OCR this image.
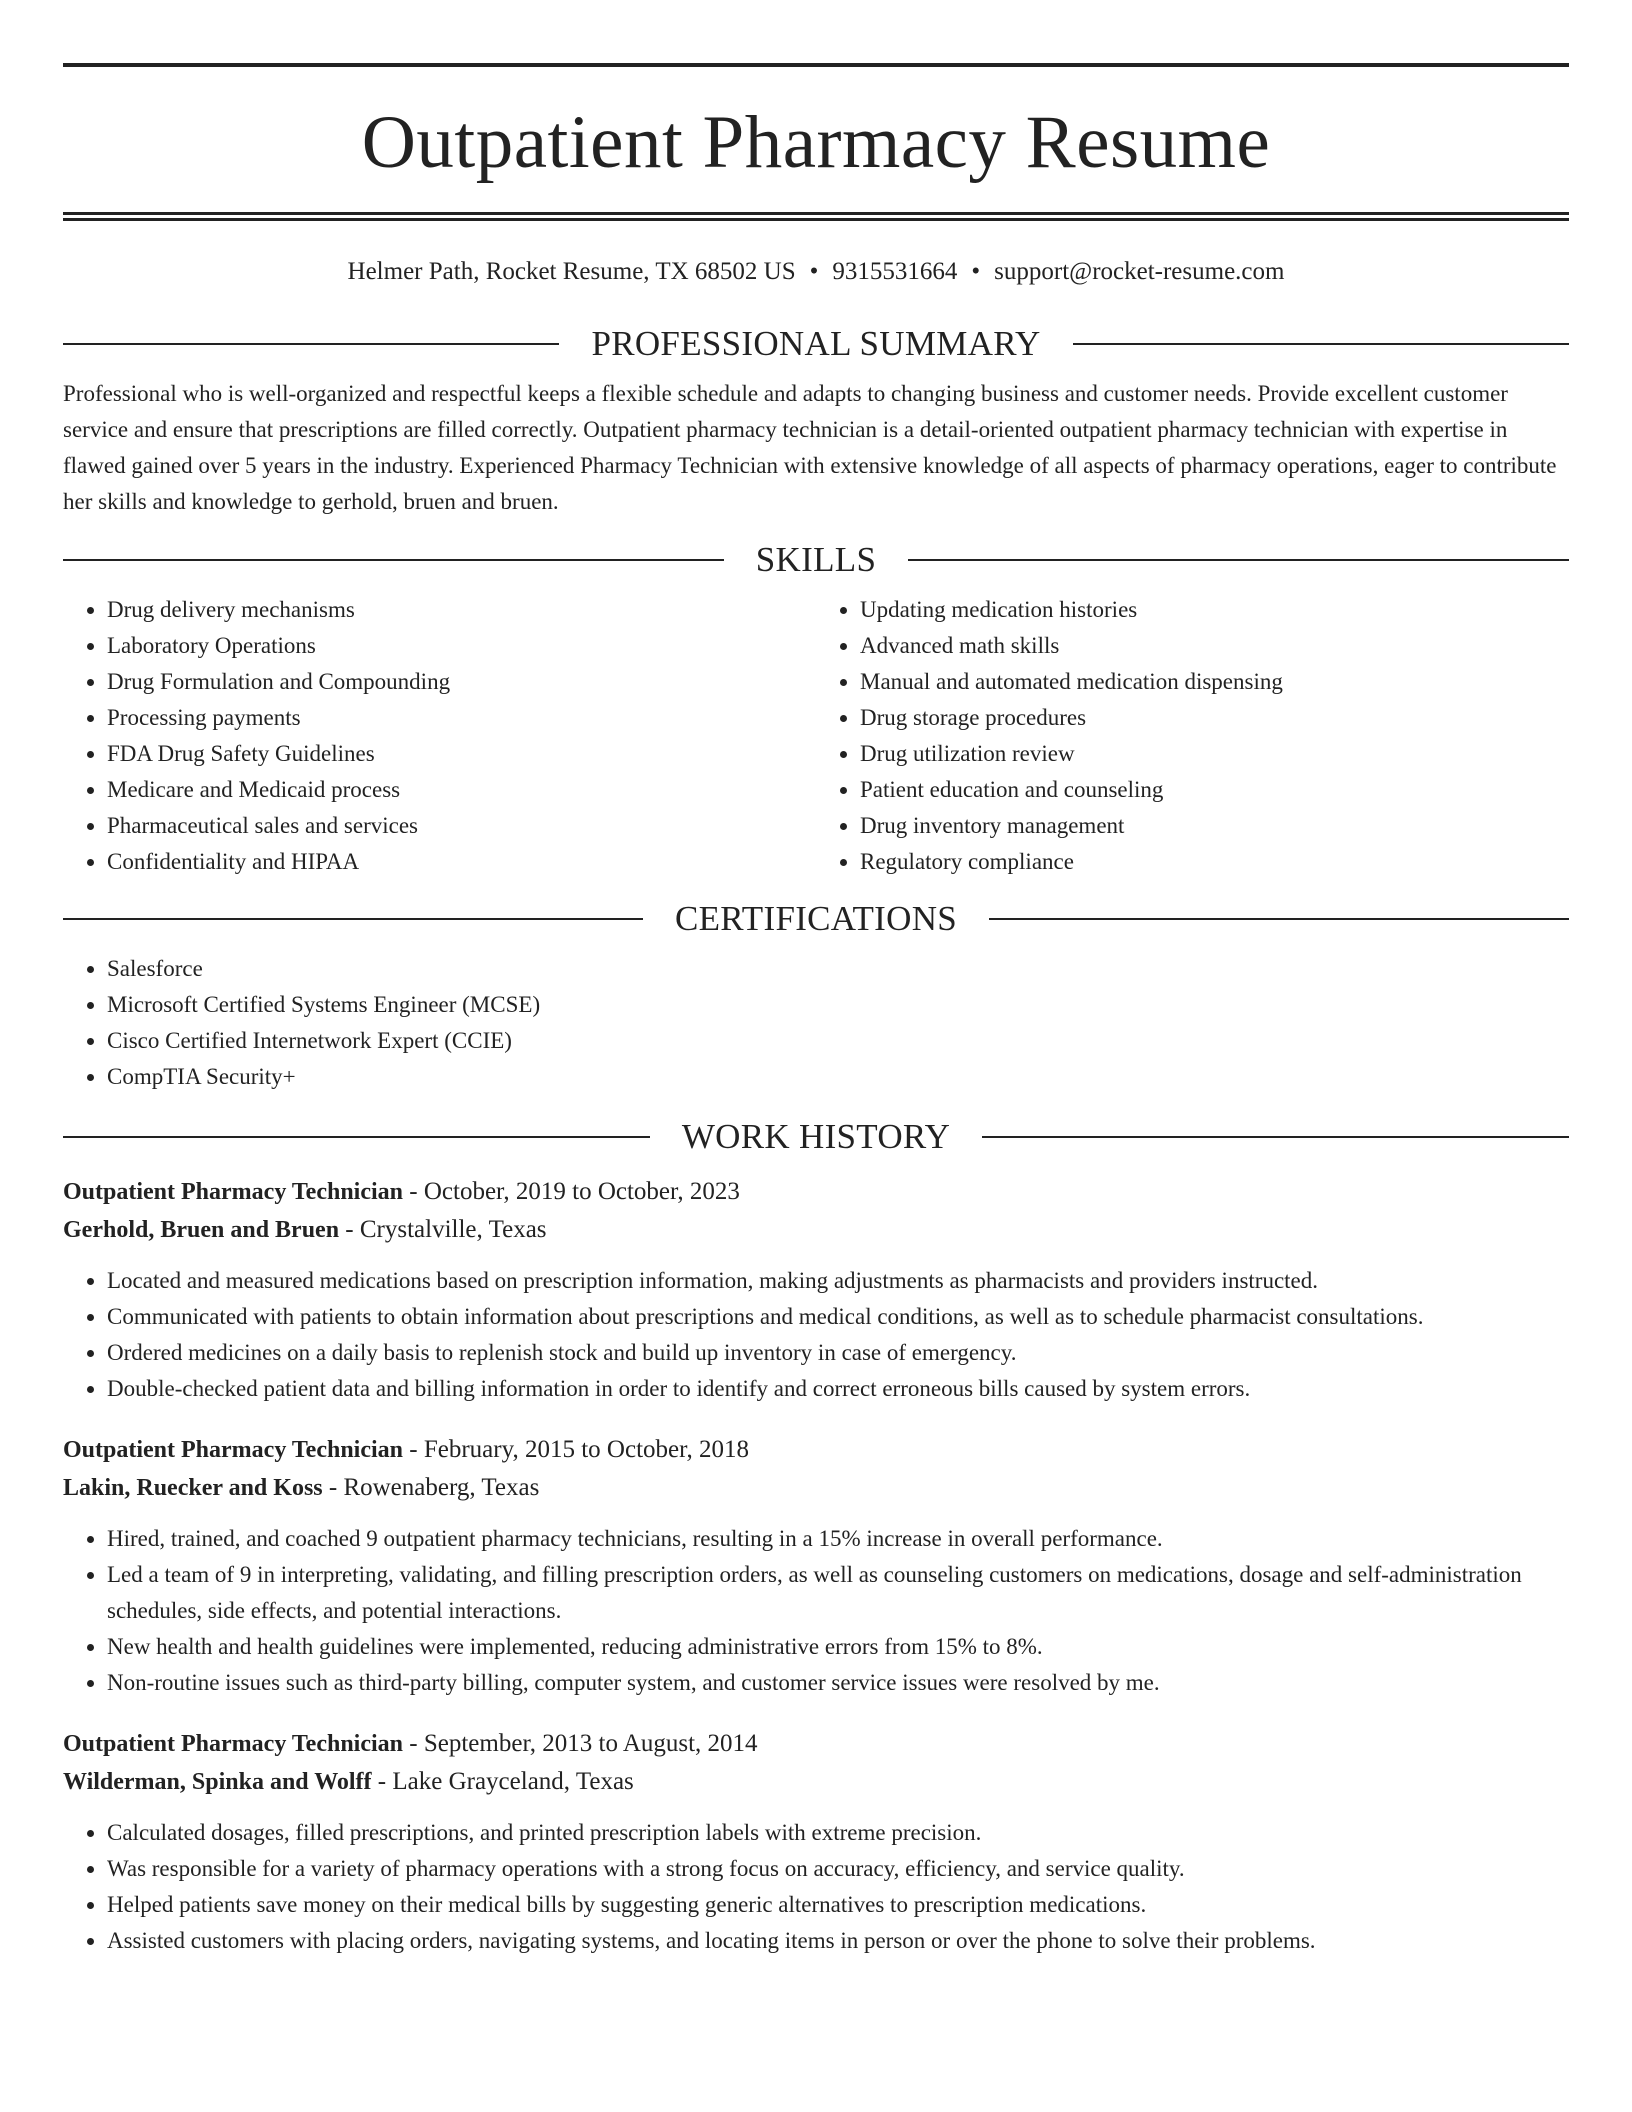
Outpatient Pharmacy Resume
Helmer Path, Rocket Resume, TX 68502 US • 9315531664 • support@rocket-resume.com
PROFESSIONAL SUMMARY

Professional who is well-organized and respectful keeps a flexible schedule and adapts to changing business and customer needs. Provide excellent customer service and ensure that prescriptions are filled correctly. Outpatient pharmacy technician is a detail-oriented outpatient pharmacy technician with expertise in flawed gained over 5 years in the industry. Experienced Pharmacy Technician with extensive knowledge of all aspects of pharmacy operations, eager to contribute her skills and knowledge to gerhold, bruen and bruen.

SKILLS
• Drug delivery mechanisms
• Laboratory Operations
• Drug Formulation and Compounding
• Processing payments
• FDA Drug Safety Guidelines
• Medicare and Medicaid process
• Pharmaceutical sales and services
• Confidentiality and HIPAA
• Updating medication histories
• Advanced math skills
• Manual and automated medication dispensing
• Drug storage procedures
• Drug utilization review
• Patient education and counseling
• Drug inventory management
• Regulatory compliance
CERTIFICATIONS
• Salesforce
• Microsoft Certified Systems Engineer (MCSE)
• Cisco Certified Internetwork Expert (CCIE)
• CompTIA Security+
WORK HISTORY
Outpatient Pharmacy Technician - October, 2019 to October, 2023
Gerhold, Bruen and Bruen - Crystalville, Texas
• Located and measured medications based on prescription information, making adjustments as pharmacists and providers instructed.
• Communicated with patients to obtain information about prescriptions and medical conditions, as well as to schedule pharmacist consultations.
• Ordered medicines on a daily basis to replenish stock and build up inventory in case of emergency.
• Double-checked patient data and billing information in order to identify and correct erroneous bills caused by system errors.
Outpatient Pharmacy Technician - February, 2015 to October, 2018
Lakin, Ruecker and Koss - Rowenaberg, Texas
• Hired, trained, and coached 9 outpatient pharmacy technicians, resulting in a 15% increase in overall performance.
• Led a team of 9 in interpreting, validating, and filling prescription orders, as well as counseling customers on medications, dosage and self-administration schedules, side effects, and potential interactions.
• New health and health guidelines were implemented, reducing administrative errors from 15% to 8%.
• Non-routine issues such as third-party billing, computer system, and customer service issues were resolved by me.
Outpatient Pharmacy Technician - September, 2013 to August, 2014
Wilderman, Spinka and Wolff - Lake Grayceland, Texas
• Calculated dosages, filled prescriptions, and printed prescription labels with extreme precision.
• Was responsible for a variety of pharmacy operations with a strong focus on accuracy, efficiency, and service quality.
• Helped patients save money on their medical bills by suggesting generic alternatives to prescription medications.
• Assisted customers with placing orders, navigating systems, and locating items in person or over the phone to solve their problems.
